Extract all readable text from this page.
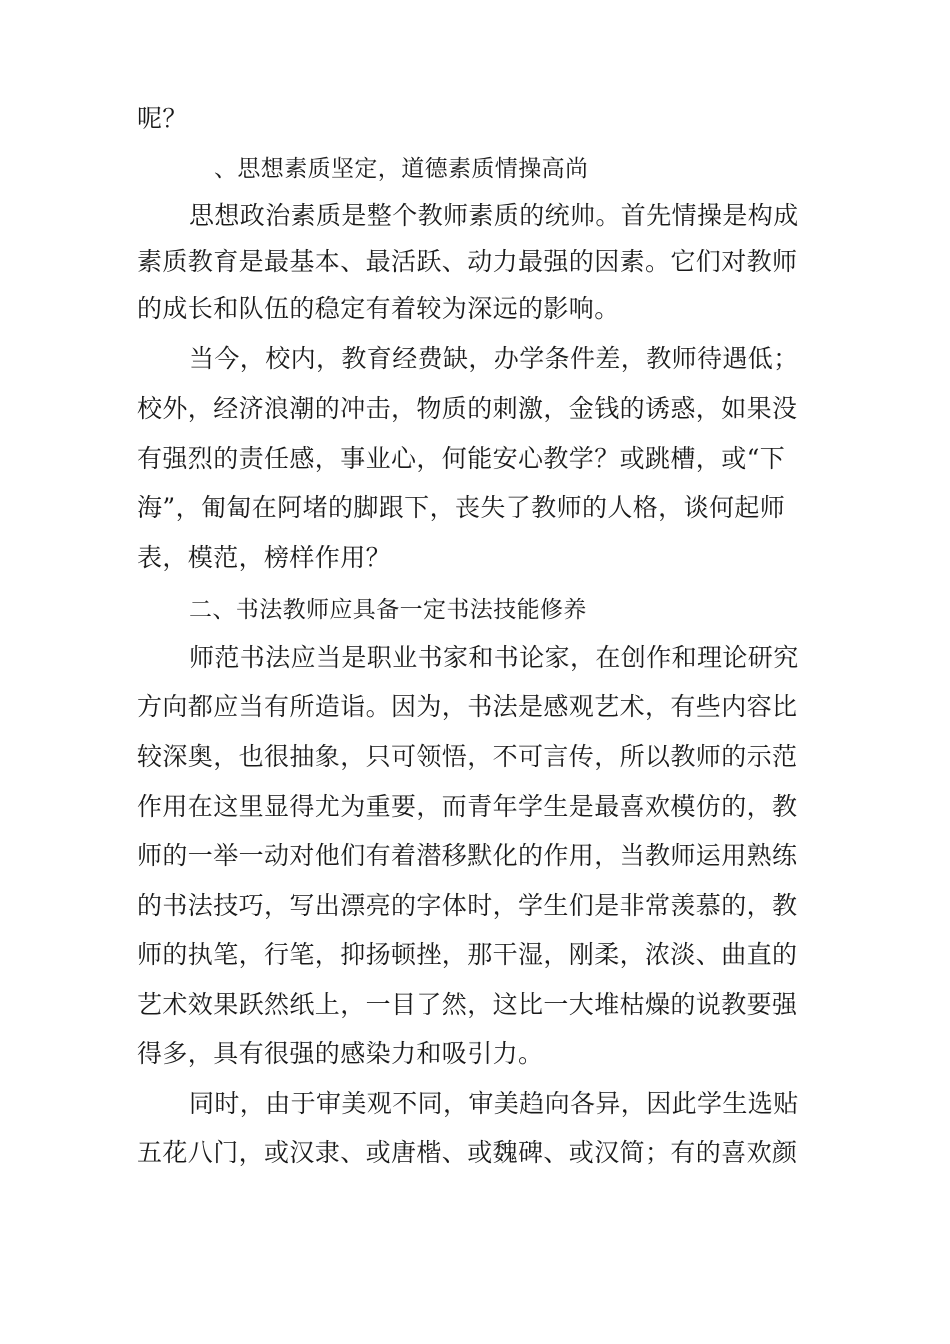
呢？
、思想素质坚定，道德素质情操高尚
思想政治素质是整个教师素质的统帅。首先情操是构成
素质教育是最基本、最活跃、动力最强的因素。它们对教师
的成长和队伍的稳定有着较为深远的影响。
当今，校内，教育经费缺，办学条件差，教师待遇低；
校外，经济浪潮的冲击，物质的刺激，金钱的诱惑，如果没
有强烈的责任感，事业心，何能安心教学？或跳槽，或“下
海”，匍匐在阿堵的脚跟下，丧失了教师的人格，谈何起师
表，模范，榜样作用？
二、书法教师应具备一定书法技能修养
师范书法应当是职业书家和书论家，在创作和理论研究
方向都应当有所造诣。因为，书法是感观艺术，有些内容比
较深奥，也很抽象，只可领悟，不可言传，所以教师的示范
作用在这里显得尤为重要，而青年学生是最喜欢模仿的，教
师的一举一动对他们有着潜移默化的作用，当教师运用熟练
的书法技巧，写出漂亮的字体时，学生们是非常羡慕的，教
师的执笔，行笔，抑扬顿挫，那干湿，刚柔，浓淡、曲直的
艺术效果跃然纸上，一目了然，这比一大堆枯燥的说教要强
得多，具有很强的感染力和吸引力。
同时，由于审美观不同，审美趋向各异，因此学生选贴
五花八门，或汉隶、或唐楷、或魏碑、或汉简；有的喜欢颜
